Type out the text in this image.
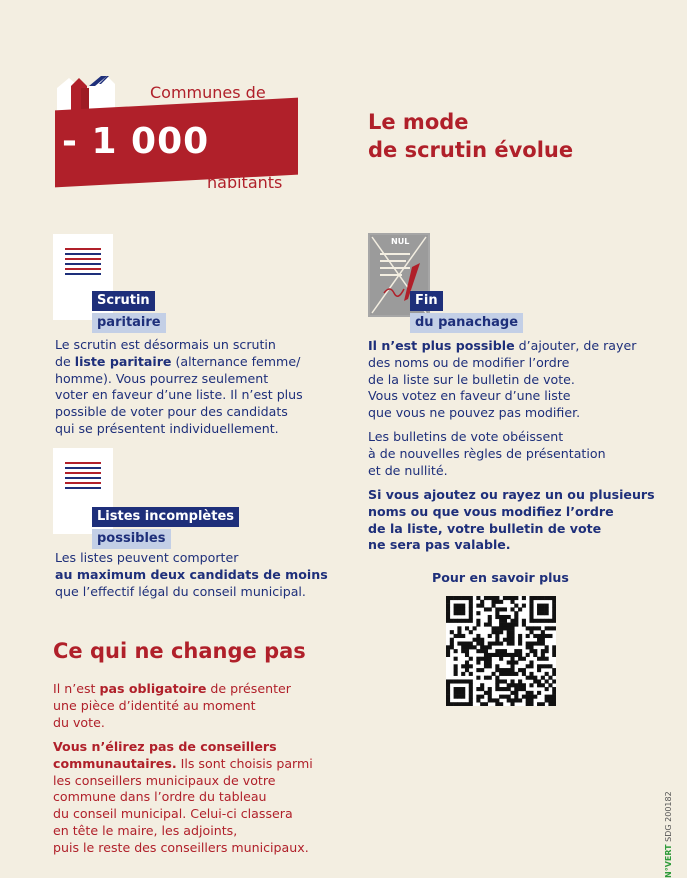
Communes de
- 1 000
habitants
Le mode
de scrutin évolue
Scrutin
paritaire
Le scrutin est désormais un scrutin
de liste paritaire (alternance femme/
homme). Vous pourrez seulement
voter en faveur d’une liste. Il n’est plus
possible de voter pour des candidats
qui se présentent individuellement.
Listes incomplètes
possibles
Les listes peuvent comporter
au maximum deux candidats de moins
que l’effectif légal du conseil municipal.
Ce qui ne change pas
Il n’est pas obligatoire de présenter
une pièce d’identité au moment
du vote.
Vous n’élirez pas de conseillers
communautaires. Ils sont choisis parmi
les conseillers municipaux de votre
commune dans l’ordre du tableau
du conseil municipal. Celui-ci classera
en tête le maire, les adjoints,
puis le reste des conseillers municipaux.
NUL
Fin
du panachage
Il n’est plus possible d’ajouter, de rayer
des noms ou de modifier l’ordre
de la liste sur le bulletin de vote.
Vous votez en faveur d’une liste
que vous ne pouvez pas modifier.
Les bulletins de vote obéissent
à de nouvelles règles de présentation
et de nullité.
Si vous ajoutez ou rayez un ou plusieurs
noms ou que vous modifiez l’ordre
de la liste, votre bulletin de vote
ne sera pas valable.
Pour en savoir plus
N°VERT SDG 200182
